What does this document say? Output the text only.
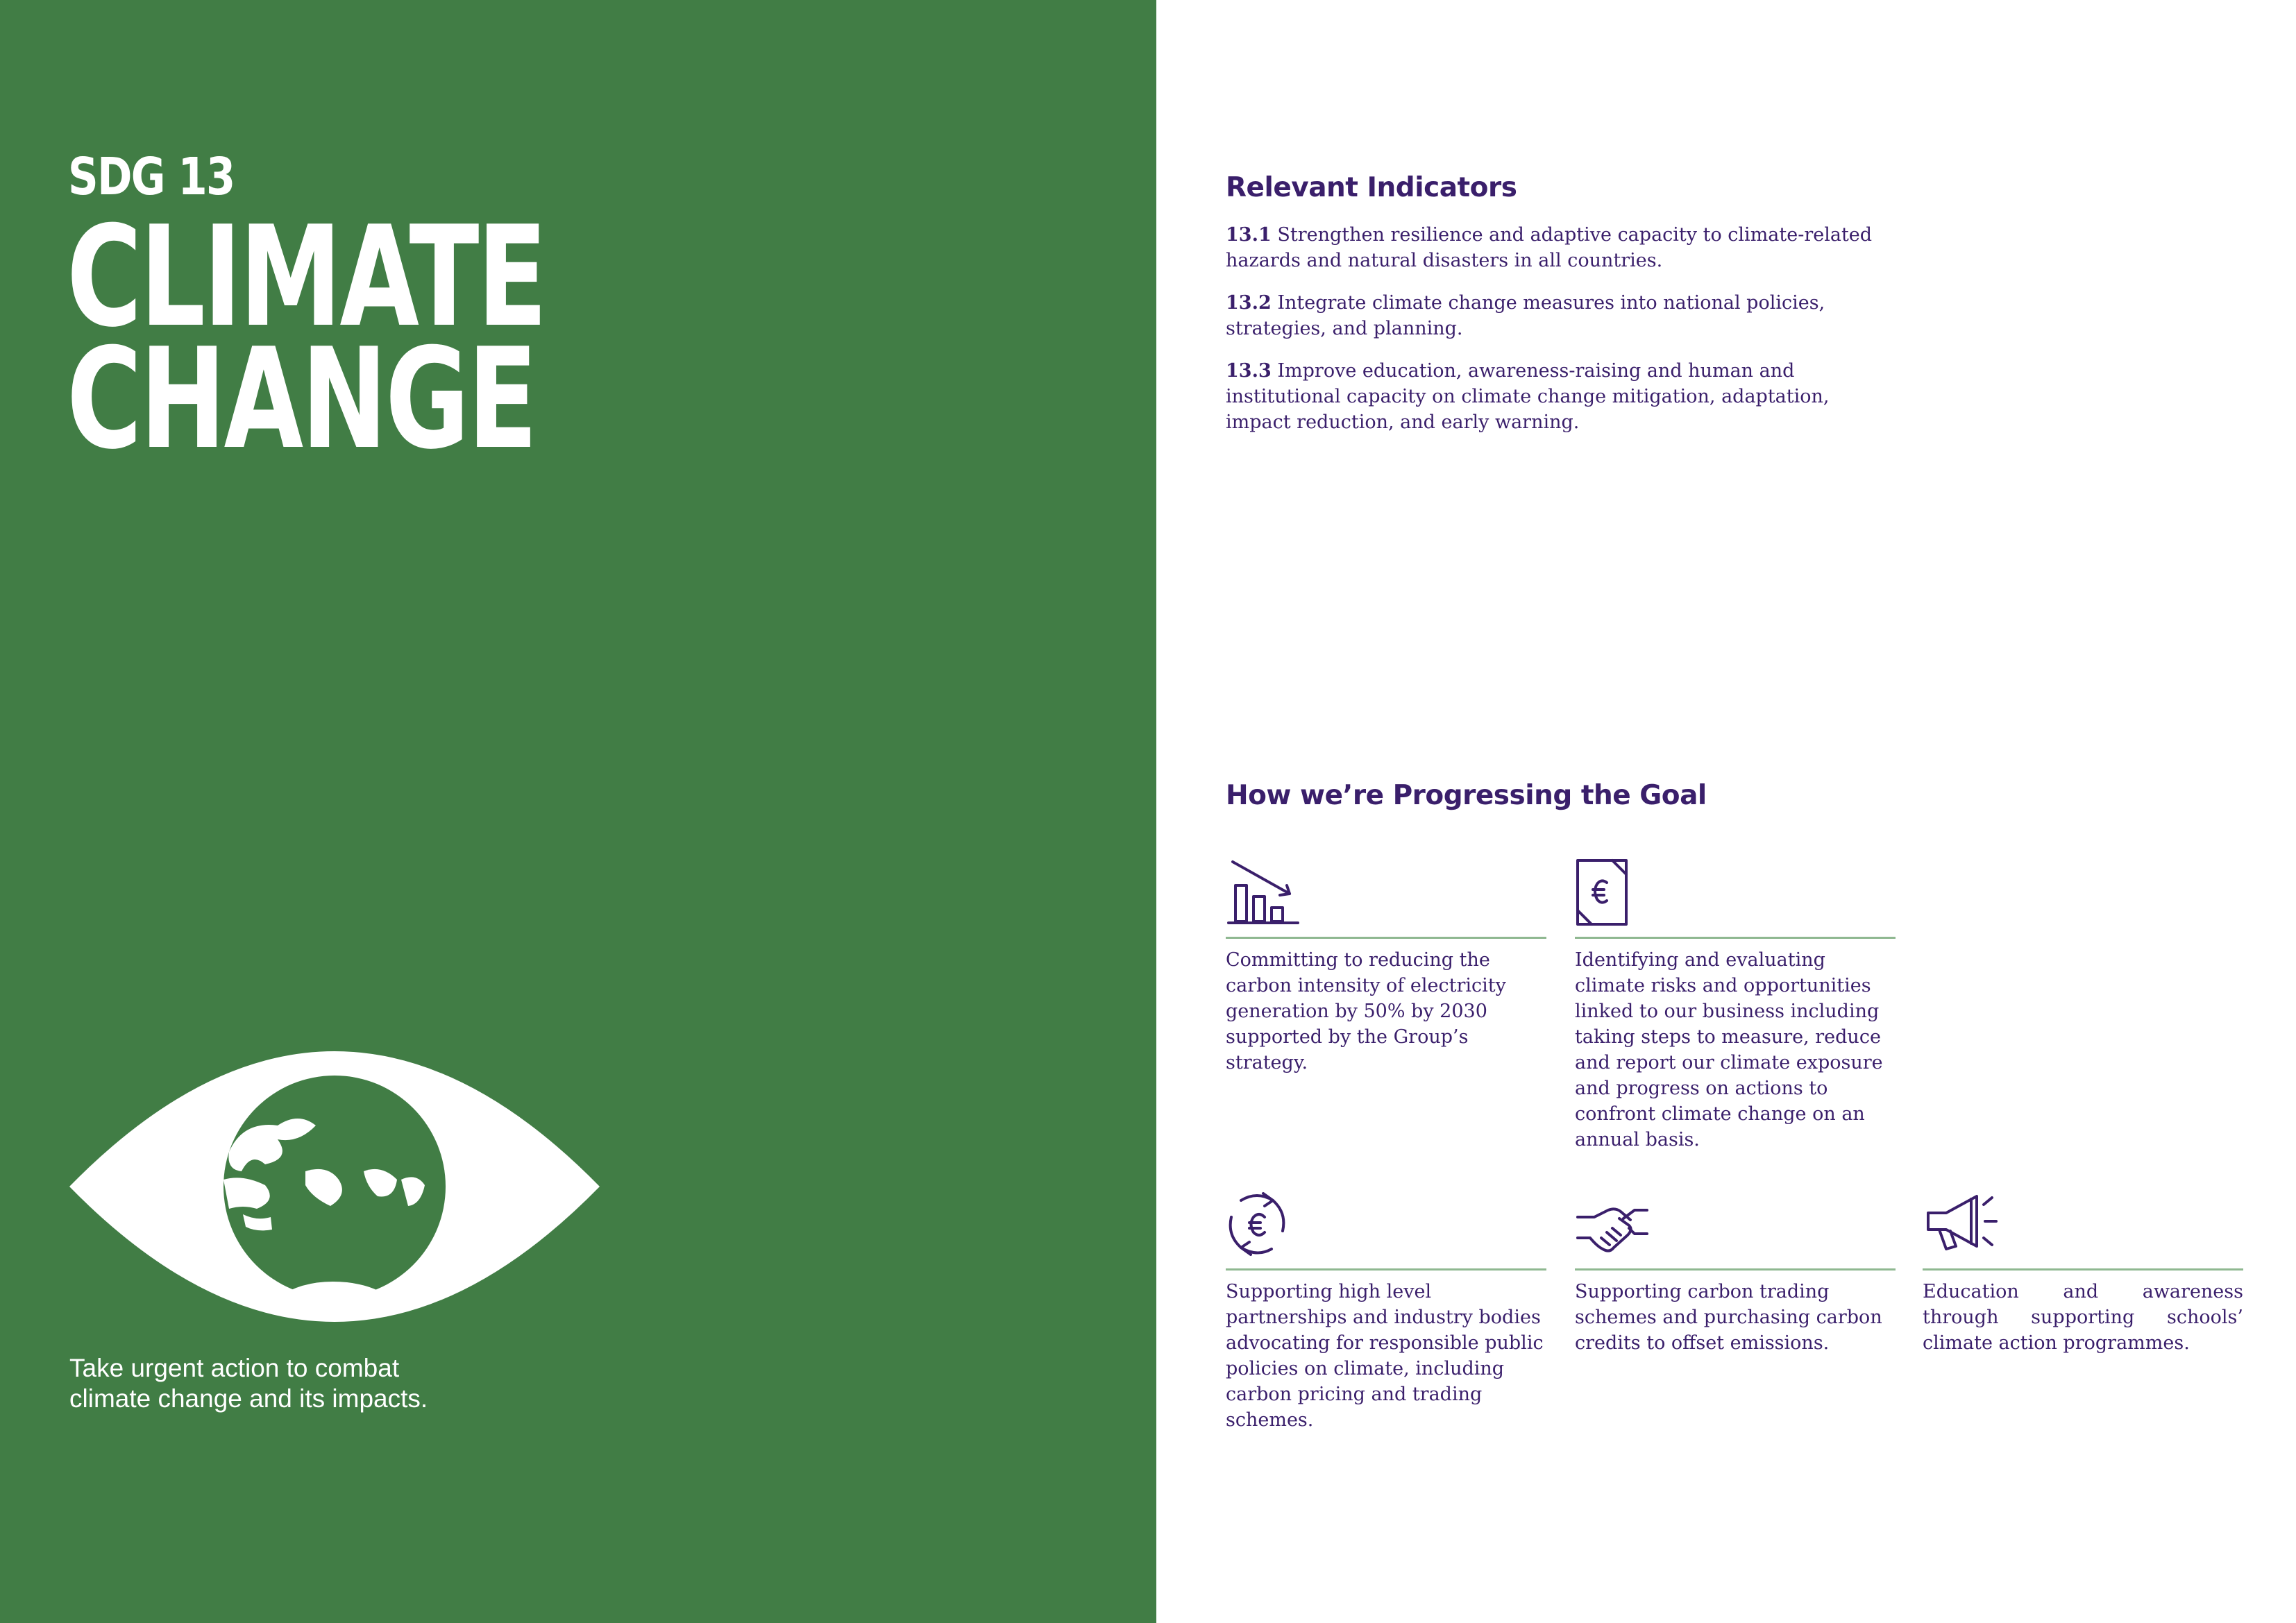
SDG 13
CLIMATE
CHANGE
Take urgent action to combat
climate change and its impacts.
Relevant Indicators

13.1 Strengthen resilience and adaptive capacity to climate-related hazards and natural disasters in all countries.

13.2 Integrate climate change measures into national policies, strategies, and planning.

13.3 Improve education, awareness-raising and human and institutional capacity on climate change mitigation, adaptation, impact reduction, and early warning.

How we’re Progressing the Goal
Committing to reducing the carbon intensity of electricity generation by 50% by 2030 supported by the Group’s strategy.
Identifying and evaluating climate risks and opportunities linked to our business including taking steps to measure, reduce and report our climate exposure and progress on actions to confront climate change on an annual basis.
Supporting high level partnerships and industry bodies advocating for responsible public policies on climate, including carbon pricing and trading schemes.
Supporting carbon trading schemes and purchasing carbon credits to offset emissions.
Education and awareness through supporting schools’ climate action programmes.
